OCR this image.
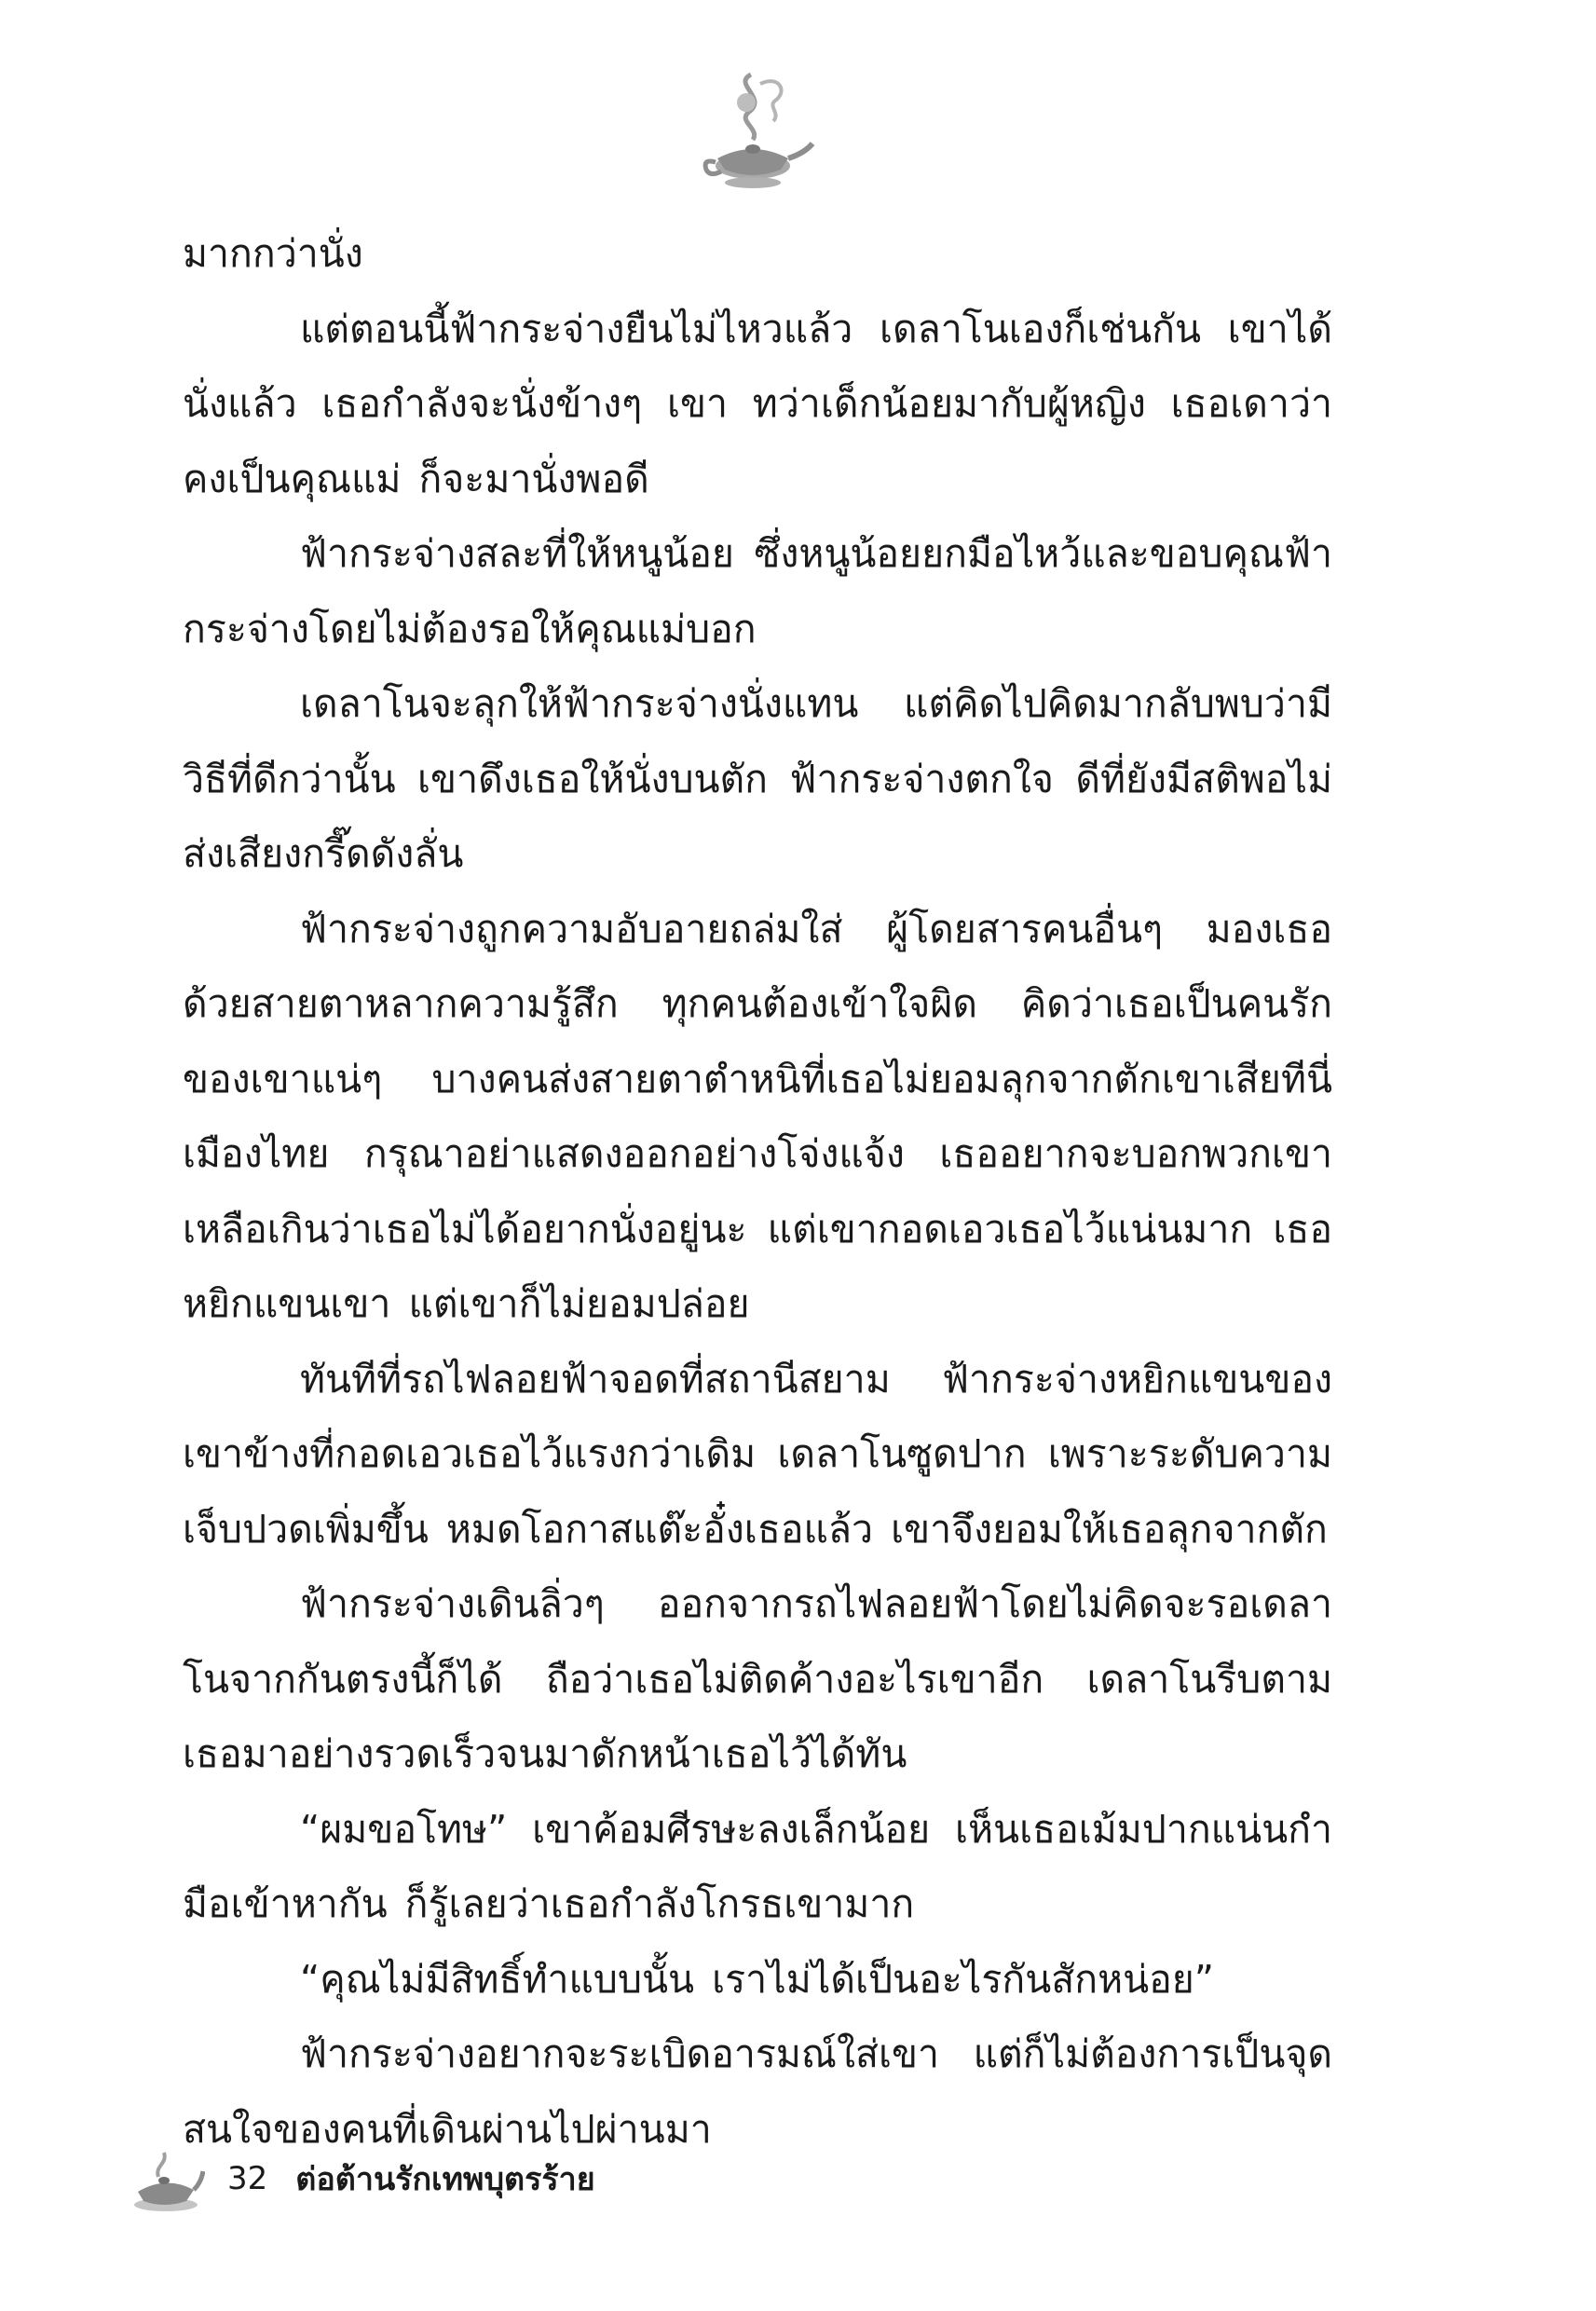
มากกว่านั่ง

แต่ตอนนี้ฟ้ากระจ่างยืนไม่ไหวแล้ว เดลาโนเองก็เช่นกัน เขาได้นั่งแล้ว เธอกำลังจะนั่งข้างๆ เขา ทว่าเด็กน้อยมากับผู้หญิง เธอเดาว่าคงเป็นคุณแม่ ก็จะมานั่งพอดี

ฟ้ากระจ่างสละที่ให้หนูน้อย ซึ่งหนูน้อยยกมือไหว้และขอบคุณฟ้ากระจ่างโดยไม่ต้องรอให้คุณแม่บอก

เดลาโนจะลุกให้ฟ้ากระจ่างนั่งแทน แต่คิดไปคิดมากลับพบว่ามีวิธีที่ดีกว่านั้น เขาดึงเธอให้นั่งบนตัก ฟ้ากระจ่างตกใจ ดีที่ยังมีสติพอไม่ส่งเสียงกรี๊ดดังลั่น

ฟ้ากระจ่างถูกความอับอายถล่มใส่ ผู้โดยสารคนอื่นๆ มองเธอด้วยสายตาหลากความรู้สึก ทุกคนต้องเข้าใจผิด คิดว่าเธอเป็นคนรักของเขาแน่ๆ บางคนส่งสายตาตำหนิที่เธอไม่ยอมลุกจากตักเขาเสียทีนี่เมืองไทย กรุณาอย่าแสดงออกอย่างโจ่งแจ้ง เธออยากจะบอกพวกเขาเหลือเกินว่าเธอไม่ได้อยากนั่งอยู่นะ แต่เขากอดเอวเธอไว้แน่นมาก เธอหยิกแขนเขา แต่เขาก็ไม่ยอมปล่อย

ทันทีที่รถไฟลอยฟ้าจอดที่สถานีสยาม ฟ้ากระจ่างหยิกแขนของเขาข้างที่กอดเอวเธอไว้แรงกว่าเดิม เดลาโนซูดปาก เพราะระดับความเจ็บปวดเพิ่มขึ้น หมดโอกาสแต๊ะอั๋งเธอแล้ว เขาจึงยอมให้เธอลุกจากตัก

ฟ้ากระจ่างเดินลิ่วๆ ออกจากรถไฟลอยฟ้าโดยไม่คิดจะรอเดลาโนจากกันตรงนี้ก็ได้ ถือว่าเธอไม่ติดค้างอะไรเขาอีก เดลาโนรีบตามเธอมาอย่างรวดเร็วจนมาดักหน้าเธอไว้ได้ทัน

“ผมขอโทษ” เขาค้อมศีรษะลงเล็กน้อย เห็นเธอเม้มปากแน่นกำมือเข้าหากัน ก็รู้เลยว่าเธอกำลังโกรธเขามาก

“คุณไม่มีสิทธิ์ทำแบบนั้น เราไม่ได้เป็นอะไรกันสักหน่อย”

ฟ้ากระจ่างอยากจะระเบิดอารมณ์ใส่เขา แต่ก็ไม่ต้องการเป็นจุดสนใจของคนที่เดินผ่านไปผ่านมา

32 ต่อต้านรักเทพบุตรร้าย
